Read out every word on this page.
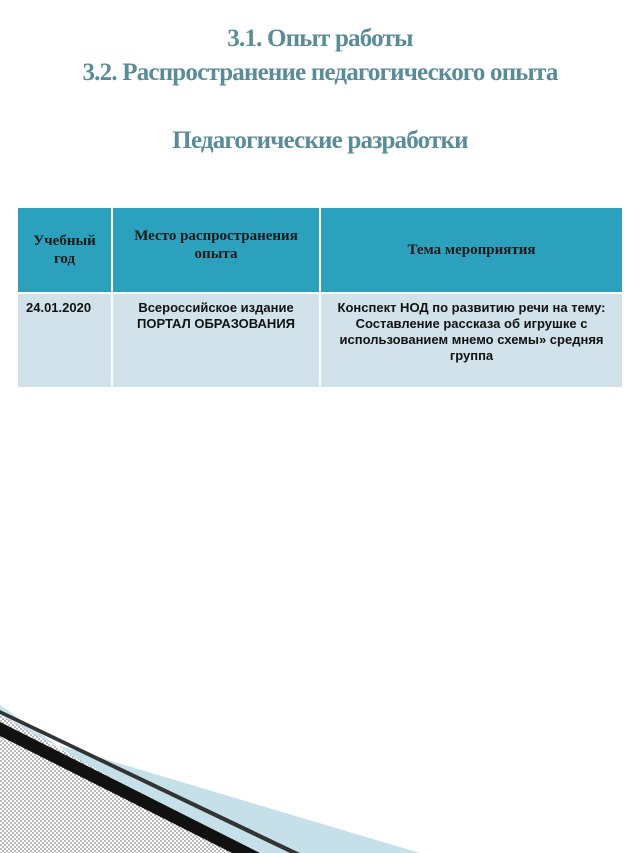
3.1. Опыт работы

3.2. Распространение педагогического опыта

Педагогические разработки
Учебный год	Место распространения опыта	Тема мероприятия
24.01.2020	Всероссийское издание ПОРТАЛ ОБРАЗОВАНИЯ	Конспект НОД по развитию речи на тему: Составление рассказа об игрушке с использованием мнемо схемы» средняя группа
